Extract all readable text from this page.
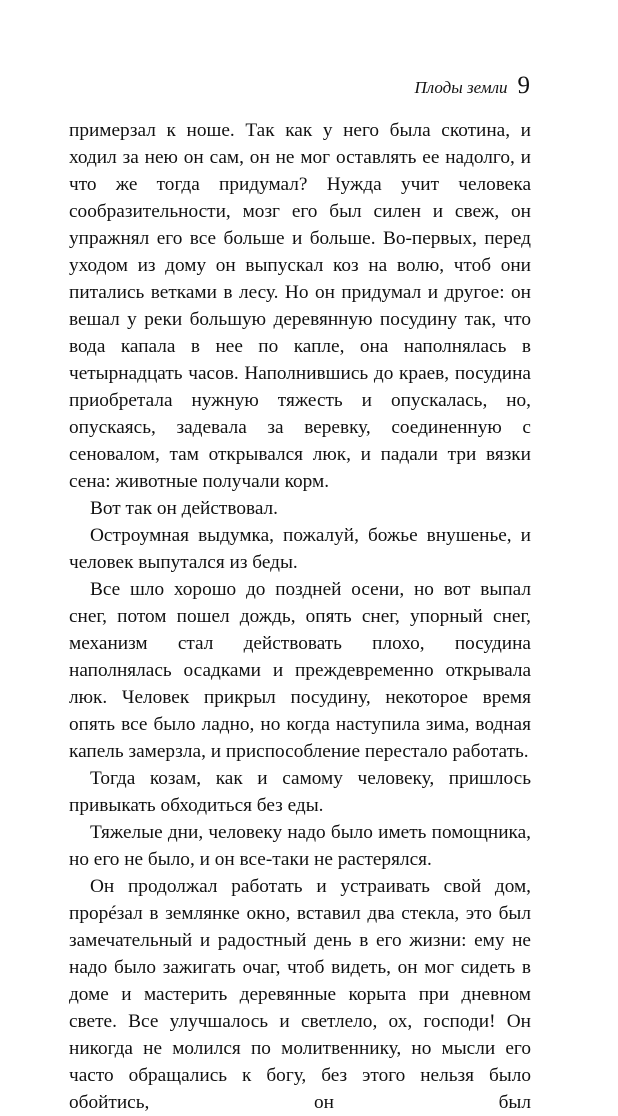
Плоды земли 9

примерзал к ноше. Так как у него была скотина, и ходил за нею он сам, он не мог оставлять ее надолго, и что же тогда придумал? Нужда учит человека сообразительности, мозг его был силен и свеж, он упражнял его все больше и больше. Во-первых, перед уходом из дому он выпускал коз на волю, чтоб они питались ветками в лесу. Но он придумал и другое: он вешал у реки большую деревянную посудину так, что вода капала в нее по капле, она наполнялась в четырнадцать часов. Наполнившись до краев, посудина приобретала нужную тяжесть и опускалась, но, опускаясь, задевала за веревку, соединенную с сеновалом, там открывался люк, и падали три вязки сена: животные получали корм.

Вот так он действовал.

Остроумная выдумка, пожалуй, божье внушенье, и человек выпутался из беды.

Все шло хорошо до поздней осени, но вот выпал снег, потом пошел дождь, опять снег, упорный снег, механизм стал действовать плохо, посудина наполнялась осадками и преждевременно открывала люк. Человек прикрыл посудину, некоторое время опять все было ладно, но когда наступила зима, водная капель замерзла, и приспособление перестало работать.

Тогда козам, как и самому человеку, пришлось привыкать обходиться без еды.

Тяжелые дни, человеку надо было иметь помощника, но его не было, и он все-таки не растерялся.

Он продолжал работать и устраивать свой дом, прорéзал в землянке окно, вставил два стекла, это был замечательный и радостный день в его жизни: ему не надо было зажигать очаг, чтоб видеть, он мог сидеть в доме и мастерить деревянные корыта при дневном свете. Все улучшалось и светлело, ох, господи! Он никогда не молился по молитвеннику, но мысли его часто обращались к богу, без этого нельзя было обойтись, он был
